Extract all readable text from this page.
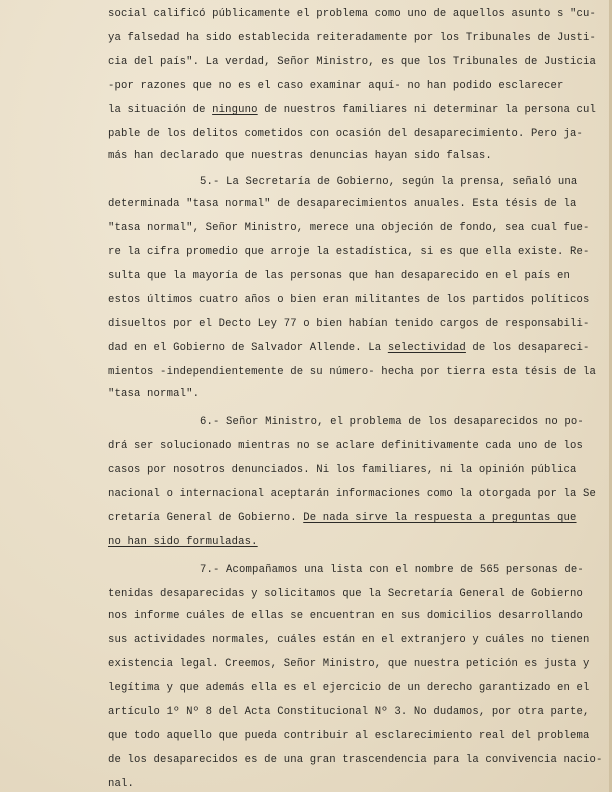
social calificó públicamente el problema como uno de aquellos asunto s "cu-
ya falsedad ha sido establecida reiteradamente por los Tribunales de Justi-
cia del país". La verdad, Señor Ministro, es que los Tribunales de Justicia
-por razones que no es el caso examinar aquí- no han podido esclarecer
la situación de ninguno de nuestros familiares ni determinar la persona cul
pable de los delitos cometidos con ocasión del desaparecimiento. Pero ja-
más han declarado que nuestras denuncias hayan sido falsas.
5.- La Secretaría de Gobierno, según la prensa, señaló una
determinada "tasa normal" de desaparecimientos anuales. Esta tésis de la
"tasa normal", Señor Ministro, merece una objeción de fondo, sea cual fue-
re la cifra promedio que arroje la estadística, si es que ella existe. Re-
sulta que la mayoría de las personas que han desaparecido en el país en
estos últimos cuatro años o bien eran militantes de los partidos políticos
disueltos por el Decto Ley 77 o bien habían tenido cargos de responsabili-
dad en el Gobierno de Salvador Allende. La selectividad de los desapareci-
mientos -independientemente de su número- hecha por tierra esta tésis de la
"tasa normal".
6.- Señor Ministro, el problema de los desaparecidos no po-
drá ser solucionado mientras no se aclare definitivamente cada uno de los
casos por nosotros denunciados. Ni los familiares, ni la opinión pública
nacional o internacional aceptarán informaciones como la otorgada por la Se
cretaría General de Gobierno. De nada sirve la respuesta a preguntas que
no han sido formuladas.
7.- Acompañamos una lista con el nombre de 565 personas de-
tenidas desaparecidas y solicitamos que la Secretaría General de Gobierno
nos informe cuáles de ellas se encuentran en sus domicilios desarrollando
sus actividades normales, cuáles están en el extranjero y cuáles no tienen
existencia legal. Creemos, Señor Ministro, que nuestra petición es justa y
legítima y que además ella es el ejercicio de un derecho garantizado en el
artículo 1º Nº 8 del Acta Constitucional Nº 3. No dudamos, por otra parte,
que todo aquello que pueda contribuir al esclarecimiento real del problema
de los desaparecidos es de una gran trascendencia para la convivencia nacio-
nal.
